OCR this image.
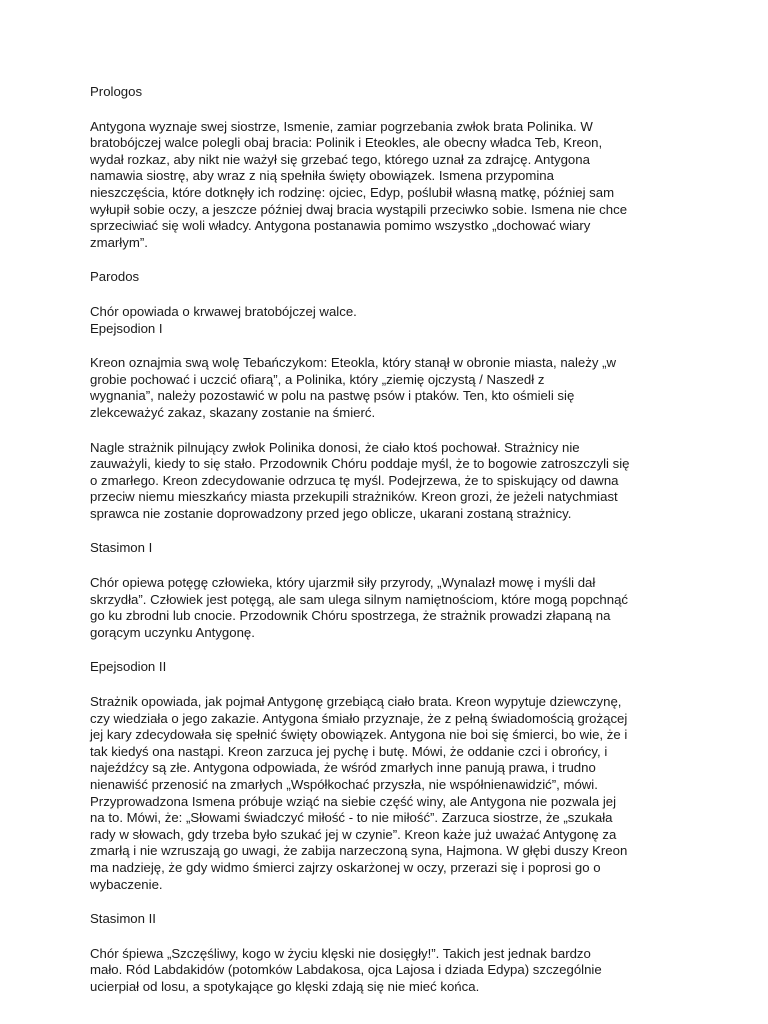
Prologos
Antygona wyznaje swej siostrze, Ismenie, zamiar pogrzebania zwłok brata Polinika. W
bratobójczej walce polegli obaj bracia: Polinik i Eteokles, ale obecny władca Teb, Kreon,
wydał rozkaz, aby nikt nie ważył się grzebać tego, którego uznał za zdrajcę. Antygona
namawia siostrę, aby wraz z nią spełniła święty obowiązek. Ismena przypomina
nieszczęścia, które dotknęły ich rodzinę: ojciec, Edyp, poślubił własną matkę, później sam
wyłupił sobie oczy, a jeszcze później dwaj bracia wystąpili przeciwko sobie. Ismena nie chce
sprzeciwiać się woli władcy. Antygona postanawia pomimo wszystko „dochować wiary
zmarłym”.
Parodos
Chór opowiada o krwawej bratobójczej walce.
Epejsodion I
Kreon oznajmia swą wolę Tebańczykom: Eteokla, który stanął w obronie miasta, należy „w
grobie pochować i uczcić ofiarą”, a Polinika, który „ziemię ojczystą / Naszedł z
wygnania”, należy pozostawić w polu na pastwę psów i ptaków. Ten, kto ośmieli się
zlekceważyć zakaz, skazany zostanie na śmierć.
Nagle strażnik pilnujący zwłok Polinika donosi, że ciało ktoś pochował. Strażnicy nie
zauważyli, kiedy to się stało. Przodownik Chóru poddaje myśl, że to bogowie zatroszczyli się
o zmarłego. Kreon zdecydowanie odrzuca tę myśl. Podejrzewa, że to spiskujący od dawna
przeciw niemu mieszkańcy miasta przekupili strażników. Kreon grozi, że jeżeli natychmiast
sprawca nie zostanie doprowadzony przed jego oblicze, ukarani zostaną strażnicy.
Stasimon I
Chór opiewa potęgę człowieka, który ujarzmił siły przyrody, „Wynalazł mowę i myśli dał
skrzydła”. Człowiek jest potęgą, ale sam ulega silnym namiętnościom, które mogą popchnąć
go ku zbrodni lub cnocie. Przodownik Chóru spostrzega, że strażnik prowadzi złapaną na
gorącym uczynku Antygonę.
Epejsodion II
Strażnik opowiada, jak pojmał Antygonę grzebiącą ciało brata. Kreon wypytuje dziewczynę,
czy wiedziała o jego zakazie. Antygona śmiało przyznaje, że z pełną świadomością grożącej
jej kary zdecydowała się spełnić święty obowiązek. Antygona nie boi się śmierci, bo wie, że i
tak kiedyś ona nastąpi. Kreon zarzuca jej pychę i butę. Mówi, że oddanie czci i obrońcy, i
najeźdźcy są złe. Antygona odpowiada, że wśród zmarłych inne panują prawa, i trudno
nienawiść przenosić na zmarłych „Współkochać przyszła, nie współnienawidzić”, mówi.
Przyprowadzona Ismena próbuje wziąć na siebie część winy, ale Antygona nie pozwala jej
na to. Mówi, że: „Słowami świadczyć miłość - to nie miłość”. Zarzuca siostrze, że „szukała
rady w słowach, gdy trzeba było szukać jej w czynie”. Kreon każe już uważać Antygonę za
zmarłą i nie wzruszają go uwagi, że zabija narzeczoną syna, Hajmona. W głębi duszy Kreon
ma nadzieję, że gdy widmo śmierci zajrzy oskarżonej w oczy, przerazi się i poprosi go o
wybaczenie.
Stasimon II
Chór śpiewa „Szczęśliwy, kogo w życiu klęski nie dosięgły!”. Takich jest jednak bardzo
mało. Ród Labdakidów (potomków Labdakosa, ojca Lajosa i dziada Edypa) szczególnie
ucierpiał od losu, a spotykające go klęski zdają się nie mieć końca.
